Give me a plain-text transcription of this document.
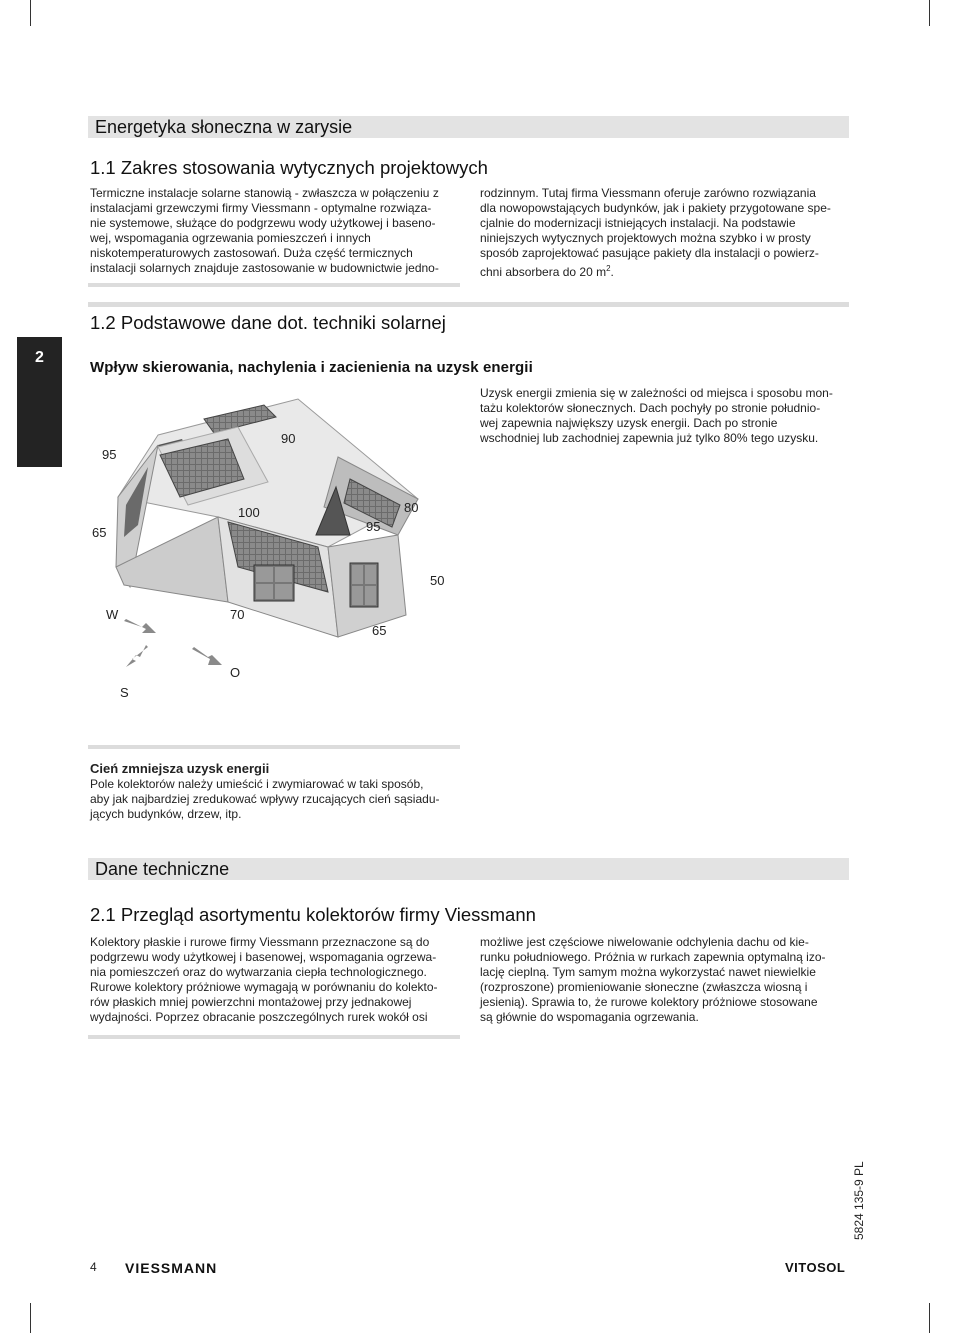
Energetyka słoneczna w zarysie
1.1 Zakres stosowania wytycznych projektowych

Termiczne instalacje solarne stanowią - zwłaszcza w połączeniu z

instalacjami grzewczymi firmy Viessmann - optymalne rozwiąza-

nie systemowe, służące do podgrzewu wody użytkowej i baseno-

wej, wspomagania ogrzewania pomieszczeń i innych

niskotemperaturowych zastosowań. Duża część termicznych

instalacji solarnych znajduje zastosowanie w budownictwie jedno-

rodzinnym. Tutaj firma Viessmann oferuje zarówno rozwiązania

dla nowopowstających budynków, jak i pakiety przygotowane spe-

cjalnie do modernizacji istniejących instalacji. Na podstawie

niniejszych wytycznych projektowych można szybko i w prosty

sposób zaprojektować pasujące pakiety dla instalacji o powierz-

chni absorbera do 20 $m^2$.

1.2 Podstawowe dane dot. techniki solarnej
2
Wpływ skierowania, nachylenia i zacienienia na uzysk energii

Uzysk energii zmienia się w zależności od miejsca i sposobu mon-

tażu kolektorów słonecznych. Dach pochyły po stronie południo-

wej zapewnia największy uzysk energii. Dach po stronie

wschodniej lub zachodniej zapewnia już tylko 80% tego uzysku.

95
90
65
100	80
95
50
70
65
W
S
O

Cień zmniejsza uzysk energii

Pole kolektorów należy umieścić i zwymiarować w taki sposób,

aby jak najbardziej zredukować wpływy rzucających cień sąsiadu-

jących budynków, drzew, itp.

Dane techniczne
2.1 Przegląd asortymentu kolektorów firmy Viessmann

Kolektory płaskie i rurowe firmy Viessmann przeznaczone są do

podgrzewu wody użytkowej i basenowej, wspomagania ogrzewa-

nia pomieszczeń oraz do wytwarzania ciepła technologicznego.

Rurowe kolektory próżniowe wymagają w porównaniu do kolekto-

rów płaskich mniej powierzchni montażowej przy jednakowej

wydajności. Poprzez obracanie poszczególnych rurek wokół osi

możliwe jest częściowe niwelowanie odchylenia dachu od kie-

runku południowego. Próżnia w rurkach zapewnia optymalną izo-

lację cieplną. Tym samym można wykorzystać nawet niewielkie

(rozproszone) promieniowanie słoneczne (zwłaszcza wiosną i

jesienią). Sprawia to, że rurowe kolektory próżniowe stosowane

są głównie do wspomagania ogrzewania.

4 VIESSMANN	VITOSOL
5824 135-9 PL
